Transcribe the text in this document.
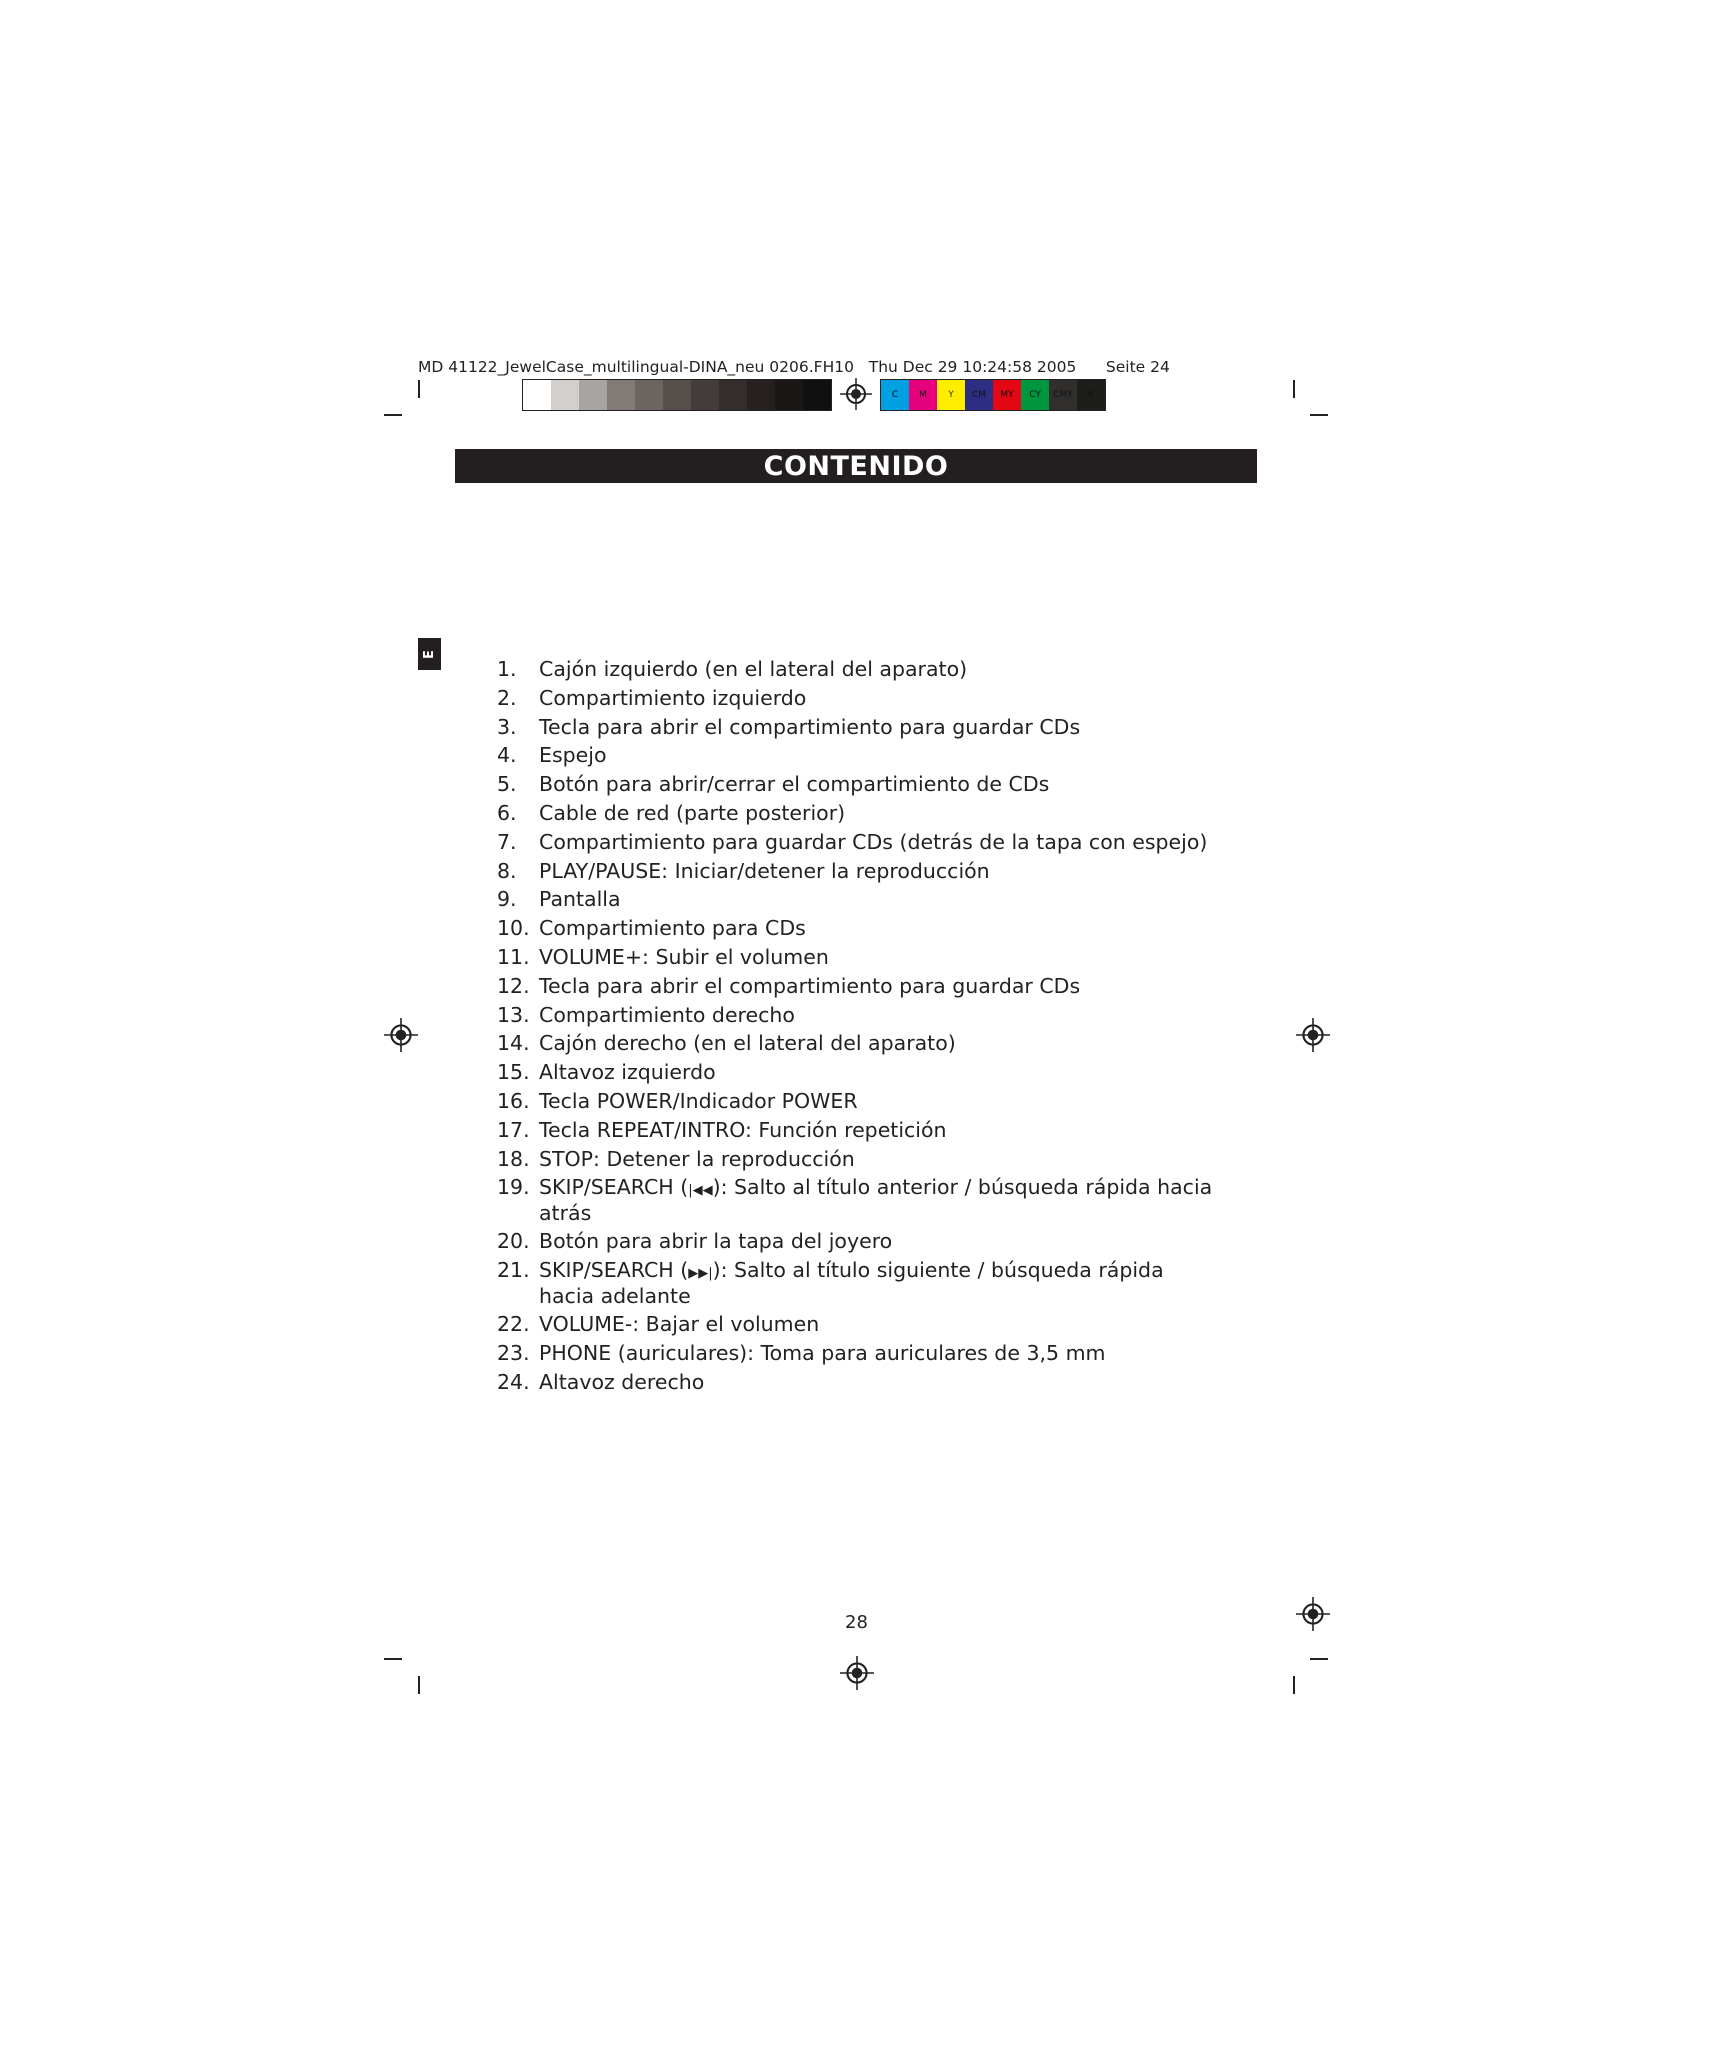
MD 41122_JewelCase_multilingual-DINA_neu 0206.FH10 Thu Dec 29 10:24:58 2005 Seite 24
C M Y CM MY CY CMY K
CONTENIDO
E
1.	Cajón izquierdo (en el lateral del aparato)
2.	Compartimiento izquierdo
3.	Tecla para abrir el compartimiento para guardar CDs
4.	Espejo
5.	Botón para abrir/cerrar el compartimiento de CDs
6.	Cable de red (parte posterior)
7.	Compartimiento para guardar CDs (detrás de la tapa con espejo)
8.	PLAY/PAUSE: Iniciar/detener la reproducción
9.	Pantalla
10. Compartimiento para CDs
11. VOLUME+: Subir el volumen
12. Tecla para abrir el compartimiento para guardar CDs
13. Compartimiento derecho
14. Cajón derecho (en el lateral del aparato)
15. Altavoz izquierdo
16. Tecla POWER/Indicador POWER
17. Tecla REPEAT/INTRO: Función repetición
18. STOP: Detener la reproducción
19. SKIP/SEARCH (|◀◀): Salto al título anterior / búsqueda rápida hacia atrás
20. Botón para abrir la tapa del joyero
21. SKIP/SEARCH (▶▶|): Salto al título siguiente / búsqueda rápida hacia adelante
22. VOLUME-: Bajar el volumen
23. PHONE (auriculares): Toma para auriculares de 3,5 mm
24. Altavoz derecho
28
